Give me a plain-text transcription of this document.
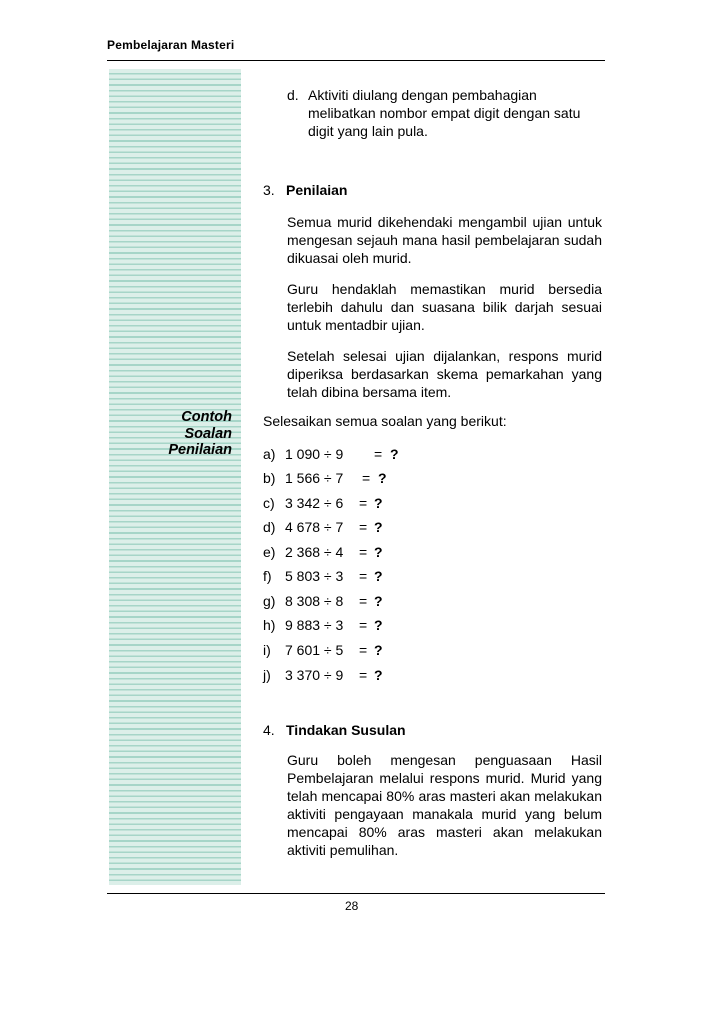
Pembelajaran Masteri
Contoh
Soalan
Penilaian
d. Aktiviti diulang dengan pembahagian melibatkan nombor empat digit dengan satu digit yang lain pula.
3. Penilaian
Semua murid dikehendaki mengambil ujian untuk mengesan sejauh mana hasil pembelajaran sudah dikuasai oleh murid.
Guru hendaklah memastikan murid bersedia terlebih dahulu dan suasana bilik darjah sesuai untuk mentadbir ujian.
Setelah selesai ujian dijalankan, respons murid diperiksa berdasarkan skema pemarkahan yang telah dibina bersama item.
Selesaikan semua soalan yang berikut:
a) 1 090 ÷ 9 = ?
b) 1 566 ÷ 7 = ?
c) 3 342 ÷ 6 = ?
d) 4 678 ÷ 7 = ?
e) 2 368 ÷ 4 = ?
f) 5 803 ÷ 3 = ?
g) 8 308 ÷ 8 = ?
h) 9 883 ÷ 3 = ?
i) 7 601 ÷ 5 = ?
j) 3 370 ÷ 9 = ?
4. Tindakan Susulan
Guru boleh mengesan penguasaan Hasil Pembelajaran melalui respons murid. Murid yang telah mencapai 80% aras masteri akan melakukan aktiviti pengayaan manakala murid yang belum mencapai 80% aras masteri akan melakukan aktiviti pemulihan.
28
